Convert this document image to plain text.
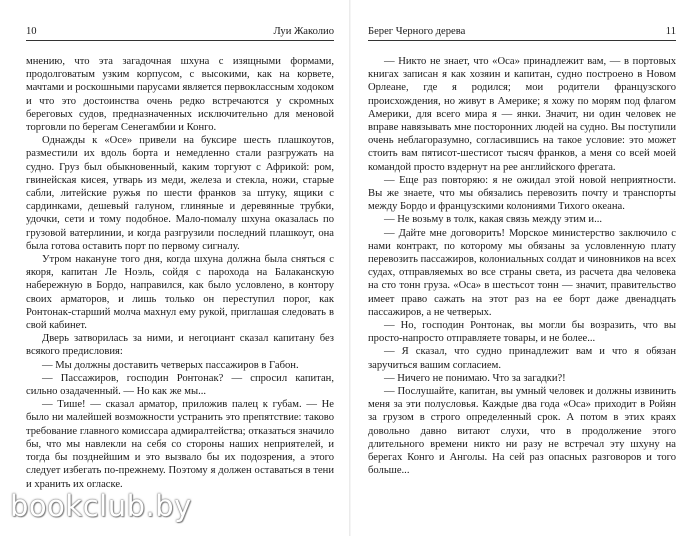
10	Луи Жаколио

мнению, что эта загадочная шхуна с изящными формами, продолговатым узким корпусом, с высокими, как на корвете, мачтами и роскошными парусами является первоклассным ходоком и что это достоинства очень редко встречаются у скромных береговых судов, предназначенных исключительно для меновой торговли по берегам Сенегамбии и Конго.

Однажды к «Осе» привели на буксире шесть плашкоутов, разместили их вдоль борта и немедленно стали разгружать на судно. Груз был обыкновенный, каким торгуют с Африкой: ром, гвинейская кисея, утварь из меди, железа и стекла, ножи, старые сабли, литейские ружья по шести франков за штуку, ящики с сардинками, дешевый галуном, глиняные и деревянные трубки, удочки, сети и тому подобное. Мало-помалу шхуна оказалась по грузовой ватерлинии, и когда разгрузили последний плашкоут, она была готова оставить порт по первому сигналу.

Утром накануне того дня, когда шхуна должна была сняться с якоря, капитан Ле Ноэль, сойдя с парохода на Балаканскую набережную в Бордо, направился, как было условлено, в контору своих арматоров, и лишь только он переступил порог, как Ронтонак-старший молча махнул ему рукой, приглашая следовать в свой кабинет.

Дверь затворилась за ними, и негоциант сказал капитану без всякого предисловия:

— Мы должны доставить четверых пассажиров в Габон.

— Пассажиров, господин Ронтонак? — спросил капитан, сильно озадаченный. — Но как же мы...

— Тише! — сказал арматор, приложив палец к губам. — Не было ни малейшей возможности устранить это препятствие: таково требование главного комиссара адмиралтейства; отказаться значило бы, что мы навлекли на себя со стороны наших неприятелей, и тогда бы позднейшим и это вызвало бы их подозрения, а этого следует избегать по-прежнему. Поэтому я должен оставаться в тени и хранить их огласке.

Берег Черного дерева	11

— Никто не знает, что «Оса» принадлежит вам, — в портовых книгах записан я как хозяин и капитан, судно построено в Новом Орлеане, где я родился; мои родители французского происхождения, но живут в Америке; я хожу по морям под флагом Америки, для всего мира я — янки. Значит, ни один человек не вправе навязывать мне посторонних людей на судно. Вы поступили очень неблагоразумно, согласившись на такое условие: это может стоить вам пятисот-шестисот тысяч франков, а меня со всей моей командой просто вздернут на рее английского фрегата.

— Еще раз повторяю: я не ожидал этой новой неприятности. Вы же знаете, что мы обязались перевозить почту и транспорты между Бордо и французскими колониями Тихого океана.

— Не возьму в толк, какая связь между этим и...

— Дайте мне договорить! Морское министерство заключило с нами контракт, по которому мы обязаны за условленную плату перевозить пассажиров, колониальных солдат и чиновников на всех судах, отправляемых во все страны света, из расчета два человека на сто тонн груза. «Оса» в шестьсот тонн — значит, правительство имеет право сажать на этот раз на ее борт даже двенадцать пассажиров, а не четверых.

— Но, господин Ронтонак, вы могли бы возразить, что вы просто-напросто отправляете товары, и не более...

— Я сказал, что судно принадлежит вам и что я обязан заручиться вашим согласием.

— Ничего не понимаю. Что за загадки?!

— Послушайте, капитан, вы умный человек и должны извинить меня за эти полусловья. Каждые два года «Оса» приходит в Ройян за грузом в строго определенный срок. А потом в этих краях довольно давно витают слухи, что в продолжение этого длительного времени никто ни разу не встречал эту шхуну на берегах Конго и Анголы. На сей раз опасных разговоров и того больше...

bookclub.by
